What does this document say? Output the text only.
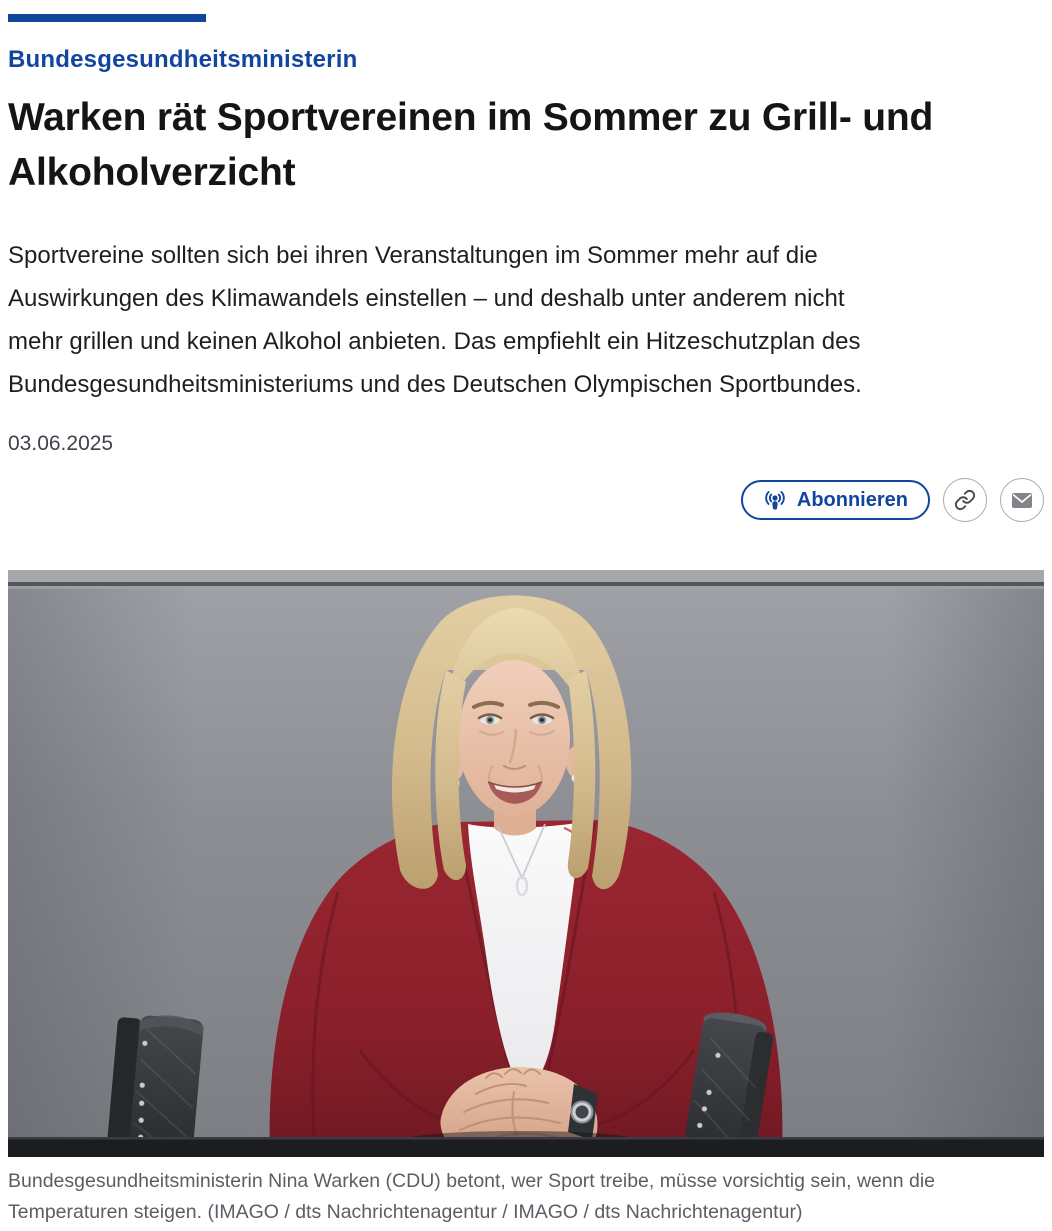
Bundesgesundheitsministerin
Warken rät Sportvereinen im Sommer zu Grill- und
Alkoholverzicht
Sportvereine sollten sich bei ihren Veranstaltungen im Sommer mehr auf die
Auswirkungen des Klimawandels einstellen – und deshalb unter anderem nicht
mehr grillen und keinen Alkohol anbieten. Das empfiehlt ein Hitzeschutzplan des
Bundesgesundheitsministeriums und des Deutschen Olympischen Sportbundes.
03.06.2025
Abonnieren
Bundesgesundheitsministerin Nina Warken (CDU) betont, wer Sport treibe, müsse vorsichtig sein, wenn die
Temperaturen steigen. (IMAGO / dts Nachrichtenagentur / IMAGO / dts Nachrichtenagentur)
